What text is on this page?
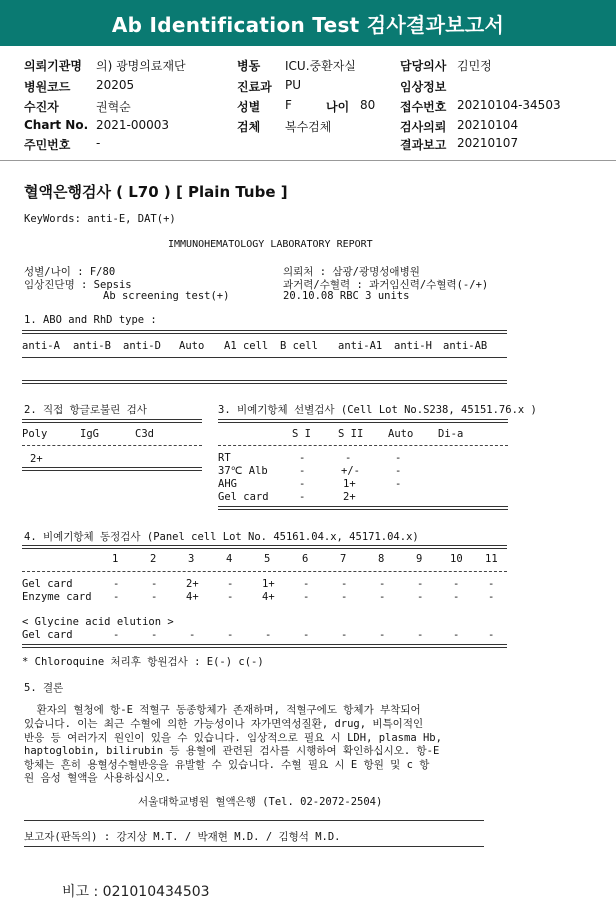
Ab Identification Test 검사결과보고서
의뢰기관명 의) 광명의료재단	병동 ICU.중환자실	담당의사 김민정
병원코드 20205	진료과 PU	임상정보
수진자	권혁순	성별 F	나이 80 접수번호 20210104-34503
Chart No. 2021-00003	검체 복수검체	검사의뢰 20210104
주민번호 -	결과보고 20210107
혈액은행검사 ( L70 ) [ Plain Tube ]
KeyWords: anti-E, DAT(+)
IMMUNOHEMATOLOGY LABORATORY REPORT
성별/나이 : F/80
임상진단명 : Sepsis
Ab screening test(+)
의뢰처 : 삼광/광명성애병원
과거력/수혈력 : 과거임신력/수혈력(-/+)
20.10.08 RBC 3 units
1. ABO and RhD type :
anti-A anti-B anti-D Auto A1 cell B cell anti-A1 anti-H anti-AB
2. 직접 항글로불린 검사
Poly	IgG	C3d
2+
3. 비예기항체 선별검사 (Cell Lot No.S238, 45151.76.x )
S I	S II Auto Di-a
RT	-	-	-
37℃ Alb	-	+/-	-
AHG	-	1+	-
Gel card	-	2+
4. 비예기항체 동정검사 (Panel cell Lot No. 45161.04.x, 45171.04.x)
1	2	3	4	5	6	7	8	9	10 11
Gel card	-	-	2+	-	1+	-	-	-	-	-	-
Enzyme card -	-	4+	-	4+	-	-	-	-	-	-
< Glycine acid elution >
Gel card	-	-	-	-	-	-	-	-	-	-	-
* Chloroquine 처리후 항원검사 : E(-) c(-)
5. 결론
환자의 혈청에 항-E 적혈구 동종항체가 존재하며, 적혈구에도 항체가 부착되어
있습니다. 이는 최근 수혈에 의한 가능성이나 자가면역성질환, drug, 비특이적인
반응 등 여러가지 원인이 있을 수 있습니다. 임상적으로 필요 시 LDH, plasma Hb,
haptoglobin, bilirubin 등 용혈에 관련된 검사를 시행하여 확인하십시오. 항-E
항체는 흔히 용혈성수혈반응을 유발할 수 있습니다. 수혈 필요 시 E 항원 및 c 항
원 음성 혈액을 사용하십시오.
서울대학교병원 혈액은행 (Tel. 02-2072-2504)
보고자(판독의) : 강지상 M.T. / 박재현 M.D. / 김형석 M.D.
비고 : 021010434503
